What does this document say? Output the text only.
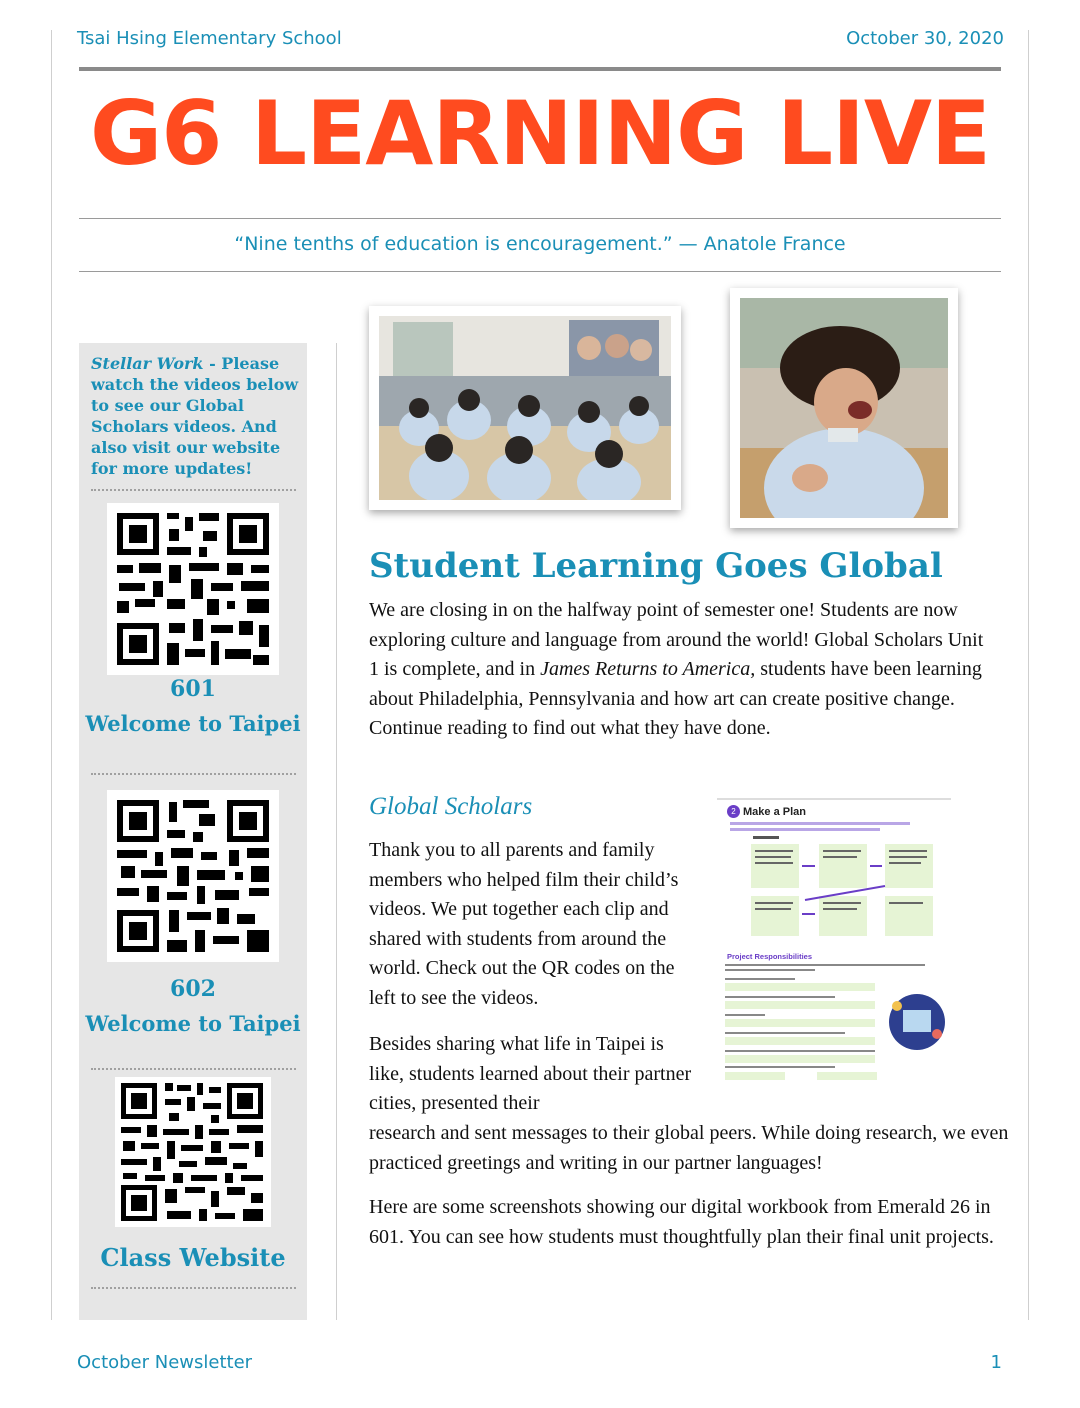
Tsai Hsing Elementary School	October 30, 2020
G6 LEARNING LIVE
“Nine tenths of education is encouragement.” — Anatole France
Stellar Work - Please watch the videos below to see our Global Scholars videos. And also visit our website for more updates!
601
Welcome to Taipei
602
Welcome to Taipei
Class Website
Student Learning Goes Global
We are closing in on the halfway point of semester one! Students are now exploring culture and language from around the world! Global Scholars Unit 1 is complete, and in James Returns to America, students have been learning about Philadelphia, Pennsylvania and how art can create positive change. Continue reading to find out what they have done.
Global Scholars
Thank you to all parents and family members who helped film their child’s videos. We put together each clip and shared with students from around the world. Check out the QR codes on the left to see the videos.
Besides sharing what life in Taipei is like, students learned about their partner cities, presented their
research and sent messages to their global peers. While doing research, we even practiced greetings and writing in our partner languages!
Here are some screenshots showing our digital workbook from Emerald 26 in 601. You can see how students must thoughtfully plan their final unit projects.
2 Make a Plan
Project Responsibilities
October Newsletter	1
